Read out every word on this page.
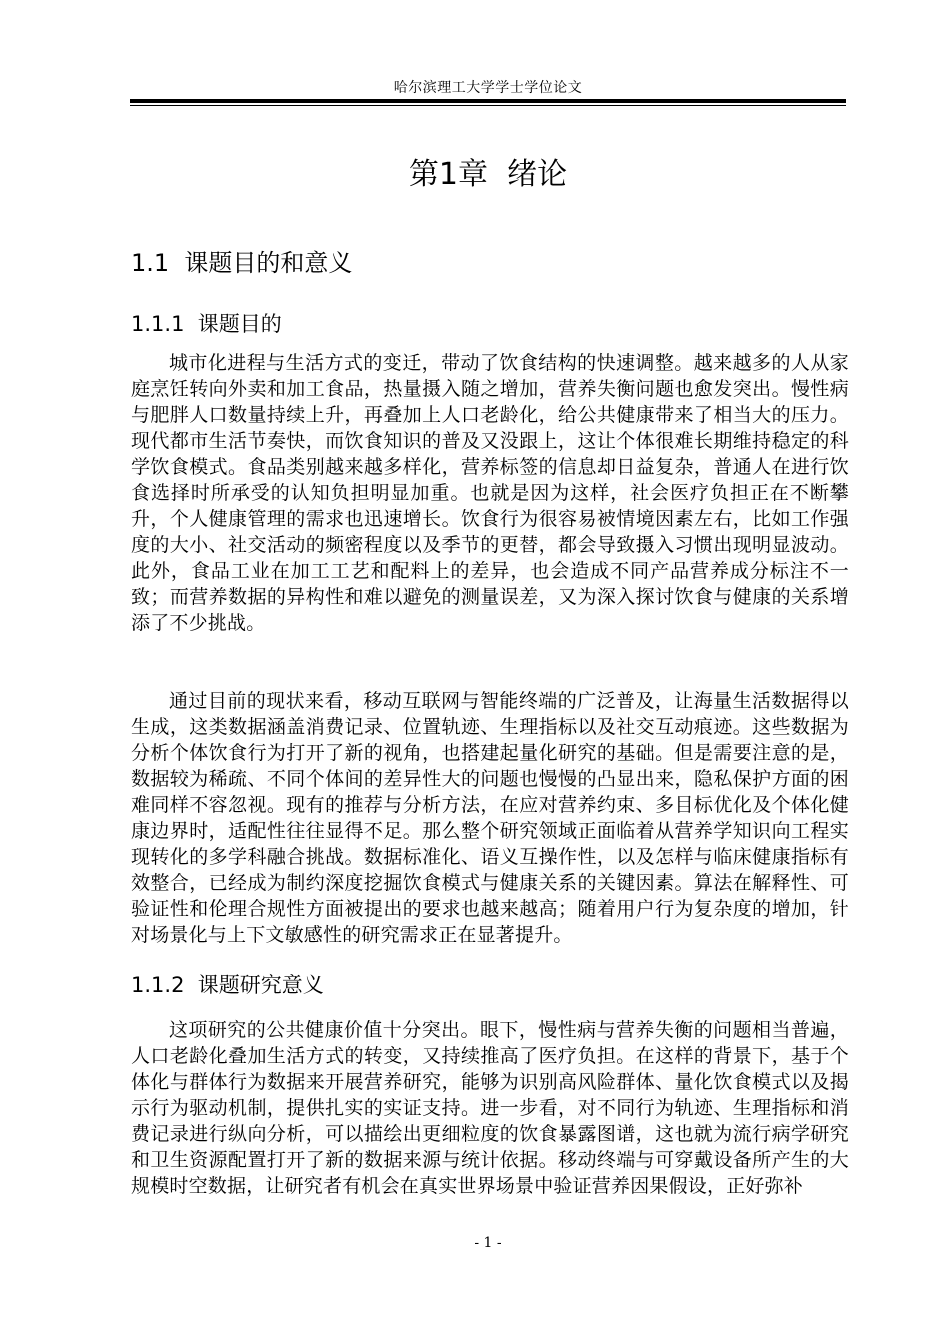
哈尔滨理工大学学士学位论文
第1章  绪论
1.1  课题目的和意义
1.1.1  课题目的

城市化进程与生活方式的变迁，带动了饮食结构的快速调整。越来越多的人从家庭烹饪转向外卖和加工食品，热量摄入随之增加，营养失衡问题也愈发突出。慢性病与肥胖人口数量持续上升，再叠加上人口老龄化，给公共健康带来了相当大的压力。现代都市生活节奏快，而饮食知识的普及又没跟上，这让个体很难长期维持稳定的科学饮食模式。食品类别越来越多样化，营养标签的信息却日益复杂，普通人在进行饮食选择时所承受的认知负担明显加重。也就是因为这样，社会医疗负担正在不断攀升，个人健康管理的需求也迅速增长。饮食行为很容易被情境因素左右，比如工作强度的大小、社交活动的频密程度以及季节的更替，都会导致摄入习惯出现明显波动。此外，食品工业在加工工艺和配料上的差异，也会造成不同产品营养成分标注不一致；而营养数据的异构性和难以避免的测量误差，又为深入探讨饮食与健康的关系增添了不少挑战。

通过目前的现状来看，移动互联网与智能终端的广泛普及，让海量生活数据得以生成，这类数据涵盖消费记录、位置轨迹、生理指标以及社交互动痕迹。这些数据为分析个体饮食行为打开了新的视角，也搭建起量化研究的基础。但是需要注意的是，数据较为稀疏、不同个体间的差异性大的问题也慢慢的凸显出来，隐私保护方面的困难同样不容忽视。现有的推荐与分析方法，在应对营养约束、多目标优化及个体化健康边界时，适配性往往显得不足。那么整个研究领域正面临着从营养学知识向工程实现转化的多学科融合挑战。数据标准化、语义互操作性，以及怎样与临床健康指标有效整合，已经成为制约深度挖掘饮食模式与健康关系的关键因素。算法在解释性、可验证性和伦理合规性方面被提出的要求也越来越高；随着用户行为复杂度的增加，针对场景化与上下文敏感性的研究需求正在显著提升。

1.1.2  课题研究意义

这项研究的公共健康价值十分突出。眼下，慢性病与营养失衡的问题相当普遍，人口老龄化叠加生活方式的转变，又持续推高了医疗负担。在这样的背景下，基于个体化与群体行为数据来开展营养研究，能够为识别高风险群体、量化饮食模式以及揭示行为驱动机制，提供扎实的实证支持。进一步看，对不同行为轨迹、生理指标和消费记录进行纵向分析，可以描绘出更细粒度的饮食暴露图谱，这也就为流行病学研究和卫生资源配置打开了新的数据来源与统计依据。移动终端与可穿戴设备所产生的大规模时空数据，让研究者有机会在真实世界场景中验证营养因果假设，正好弥补

- 1 -
